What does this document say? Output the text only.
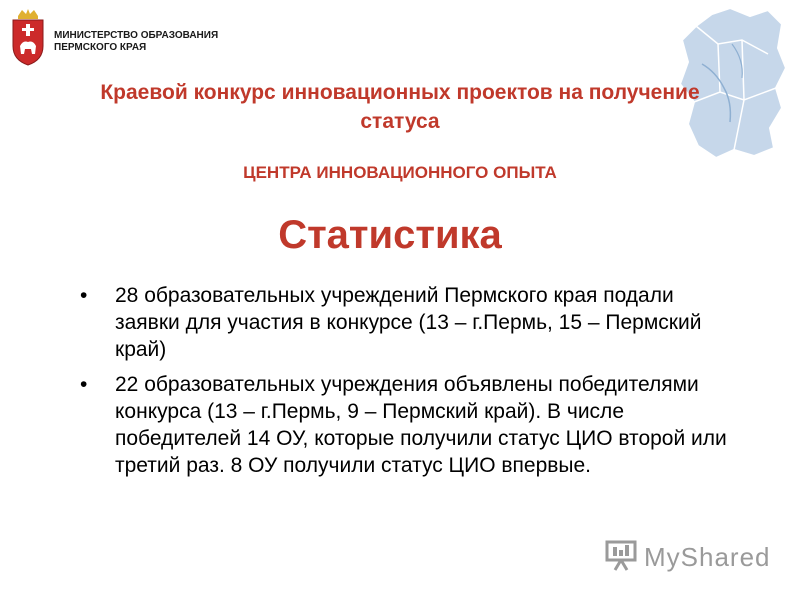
МИНИСТЕРСТВО ОБРАЗОВАНИЯ ПЕРМСКОГО КРАЯ
Краевой конкурс инновационных проектов на получение статуса
ЦЕНТРА ИННОВАЦИОННОГО ОПЫТА
Статистика
• 28 образовательных учреждений Пермского края подали заявки для участия в конкурсе (13 – г.Пермь, 15 – Пермский край)
• 22 образовательных учреждения объявлены победителями конкурса (13 – г.Пермь, 9 – Пермский край). В числе победителей 14 ОУ, которые получили статус ЦИО второй или третий раз. 8 ОУ получили статус ЦИО впервые.
MyShared
